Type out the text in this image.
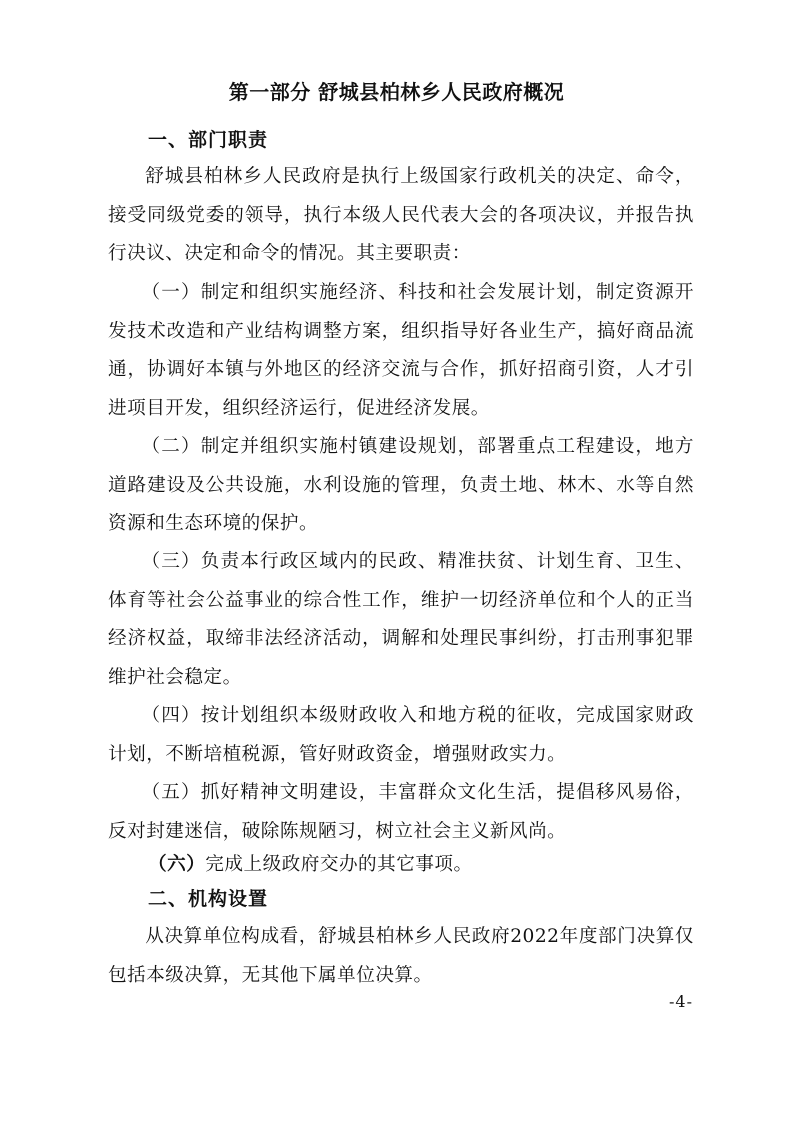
第一部分 舒城县柏林乡人民政府概况
一、部门职责
舒城县柏林乡人民政府是执行上级国家行政机关的决定、命令，接受同级党委的领导，执行本级人民代表大会的各项决议，并报告执行决议、决定和命令的情况。其主要职责：
（一）制定和组织实施经济、科技和社会发展计划，制定资源开发技术改造和产业结构调整方案，组织指导好各业生产，搞好商品流通，协调好本镇与外地区的经济交流与合作，抓好招商引资，人才引进项目开发，组织经济运行，促进经济发展。
（二）制定并组织实施村镇建设规划，部署重点工程建设，地方道路建设及公共设施，水利设施的管理，负责土地、林木、水等自然资源和生态环境的保护。
（三）负责本行政区域内的民政、精准扶贫、计划生育、卫生、体育等社会公益事业的综合性工作，维护一切经济单位和个人的正当经济权益，取缔非法经济活动，调解和处理民事纠纷，打击刑事犯罪维护社会稳定。
（四）按计划组织本级财政收入和地方税的征收，完成国家财政计划，不断培植税源，管好财政资金，增强财政实力。
（五）抓好精神文明建设，丰富群众文化生活，提倡移风易俗，反对封建迷信，破除陈规陋习，树立社会主义新风尚。
（六）完成上级政府交办的其它事项。
二、机构设置
从决算单位构成看，舒城县柏林乡人民政府2022年度部门决算仅包括本级决算，无其他下属单位决算。
-4-
